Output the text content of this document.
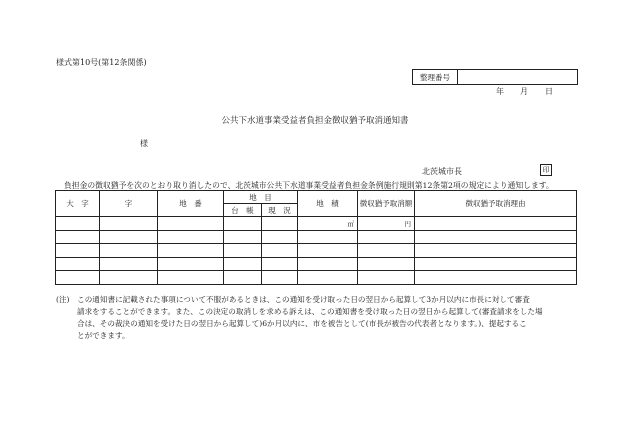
様式第10号(第12条関係)
整理番号
年 月 日
公共下水道事業受益者負担金徴収猶予取消通知書
様
北茨城市長	印
負担金の徴収猶予を次のとおり取り消したので、北茨城市公共下水道事業受益者負担金条例施行規則第12条第2項の規定により通知します。
大　字	字	地　番	地　目		地　積	徴収猶予取消額	徴収猶予取消理由
			台　帳	現　況			
					㎡	円	

(注)　この通知書に記載された事項について不服があるときは、この通知を受け取った日の翌日から起算して3か月以内に市長に対して審査
請求をすることができます。また、この決定の取消しを求める訴えは、この通知書を受け取った日の翌日から起算して(審査請求をした場
合は、その裁決の通知を受けた日の翌日から起算して)6か月以内に、市を被告として(市長が被告の代表者となります。)、提起するこ
とができます。
